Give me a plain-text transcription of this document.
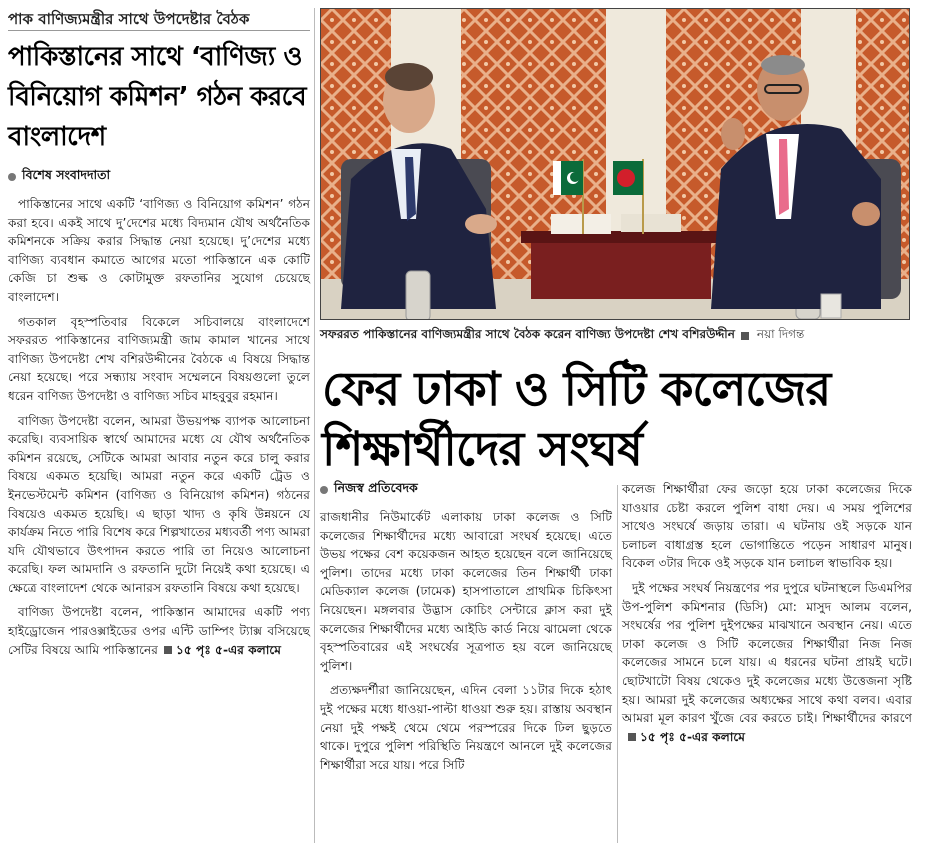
পাক বাণিজ্যমন্ত্রীর সাথে উপদেষ্টার বৈঠক
পাকিস্তানের সাথে ‘বাণিজ্য ও বিনিয়োগ কমিশন’ গঠন করবে বাংলাদেশ
বিশেষ সংবাদদাতা

পাকিস্তানের সাথে একটি ‘বাণিজ্য ও বিনিয়োগ কমিশন’ গঠন করা হবে। একই সাথে দু’দেশের মধ্যে বিদ্যমান যৌথ অর্থনৈতিক কমিশনকে সক্রিয় করার সিদ্ধান্ত নেয়া হয়েছে। দু’দেশের মধ্যে বাণিজ্য ব্যবধান কমাতে আগের মতো পাকিস্তানে এক কোটি কেজি চা শুল্ক ও কোটামুক্ত রফতানির সুযোগ চেয়েছে বাংলাদেশ।

গতকাল বৃহস্পতিবার বিকেলে সচিবালয়ে বাংলাদেশে সফররত পাকিস্তানের বাণিজ্যমন্ত্রী জাম কামাল খানের সাথে বাণিজ্য উপদেষ্টা শেখ বশিরউদ্দীনের বৈঠকে এ বিষয়ে সিদ্ধান্ত নেয়া হয়েছে। পরে সন্ধ্যায় সংবাদ সম্মেলনে বিষয়গুলো তুলে ধরেন বাণিজ্য উপদেষ্টা ও বাণিজ্য সচিব মাহবুবুর রহমান।

বাণিজ্য উপদেষ্টা বলেন, আমরা উভয়পক্ষ ব্যাপক আলোচনা করেছি। ব্যবসায়িক স্বার্থে আমাদের মধ্যে যে যৌথ অর্থনৈতিক কমিশন রয়েছে, সেটিকে আমরা আবার নতুন করে চালু করার বিষয়ে একমত হয়েছি। আমরা নতুন করে একটি ট্রেড ও ইনভেস্টমেন্ট কমিশন (বাণিজ্য ও বিনিয়োগ কমিশন) গঠনের বিষয়েও একমত হয়েছি। এ ছাড়া খাদ্য ও কৃষি উন্নয়নে যে কার্যক্রম নিতে পারি বিশেষ করে শিল্পখাতের মধ্যবর্তী পণ্য আমরা যদি যৌথভাবে উৎপাদন করতে পারি তা নিয়েও আলোচনা করেছি। ফল আমদানি ও রফতানি দুটো নিয়েই কথা হয়েছে। এ ক্ষেত্রে বাংলাদেশ থেকে আনারস রফতানি বিষয়ে কথা হয়েছে।

বাণিজ্য উপদেষ্টা বলেন, পাকিস্তান আমাদের একটি পণ্য হাইড্রোজেন পারওক্সাইডের ওপর এন্টি ডাম্পিং ট্যাক্স বসিয়েছে সেটির বিষয়ে আমি পাকিস্তানের ১৫ পৃঃ ৫-এর কলামে

সফররত পাকিস্তানের বাণিজ্যমন্ত্রীর সাথে বৈঠক করেন বাণিজ্য উপদেষ্টা শেখ বশিরউদ্দীন নয়া দিগন্ত
ফের ঢাকা ও সিটি কলেজের শিক্ষার্থীদের সংঘর্ষ
নিজস্ব প্রতিবেদক

রাজধানীর নিউমার্কেট এলাকায় ঢাকা কলেজ ও সিটি কলেজের শিক্ষার্থীদের মধ্যে আবারো সংঘর্ষ হয়েছে। এতে উভয় পক্ষের বেশ কয়েকজন আহত হয়েছেন বলে জানিয়েছে পুলিশ। তাদের মধ্যে ঢাকা কলেজের তিন শিক্ষার্থী ঢাকা মেডিক্যাল কলেজ (ঢামেক) হাসপাতালে প্রাথমিক চিকিৎসা নিয়েছেন। মঙ্গলবার উদ্ভাস কোচিং সেন্টারে ক্লাস করা দুই কলেজের শিক্ষার্থীদের মধ্যে আইডি কার্ড নিয়ে ঝামেলা থেকে বৃহস্পতিবারের এই সংঘর্ষের সূত্রপাত হয় বলে জানিয়েছে পুলিশ।

প্রত্যক্ষদর্শীরা জানিয়েছেন, এদিন বেলা ১১টার দিকে হঠাৎ দুই পক্ষের মধ্যে ধাওয়া-পাল্টা ধাওয়া শুরু হয়। রাস্তায় অবস্থান নেয়া দুই পক্ষই থেমে থেমে পরস্পরের দিকে ঢিল ছুড়তে থাকে। দুপুরে পুলিশ পরিস্থিতি নিয়ন্ত্রণে আনলে দুই কলেজের শিক্ষার্থীরা সরে যায়। পরে সিটি

কলেজ শিক্ষার্থীরা ফের জড়ো হয়ে ঢাকা কলেজের দিকে যাওয়ার চেষ্টা করলে পুলিশ বাধা দেয়। এ সময় পুলিশের সাথেও সংঘর্ষে জড়ায় তারা। এ ঘটনায় ওই সড়কে যান চলাচল বাধাগ্রস্ত হলে ভোগান্তিতে পড়েন সাধারণ মানুষ। বিকেল ৩টার দিকে ওই সড়কে যান চলাচল স্বাভাবিক হয়।

দুই পক্ষের সংঘর্ষ নিয়ন্ত্রণের পর দুপুরে ঘটনাস্থলে ডিএমপির উপ-পুলিশ কমিশনার (ডিসি) মো: মাসুদ আলম বলেন, সংঘর্ষের পর পুলিশ দুইপক্ষের মাঝখানে অবস্থান নেয়। এতে ঢাকা কলেজ ও সিটি কলেজের শিক্ষার্থীরা নিজ নিজ কলেজের সামনে চলে যায়। এ ধরনের ঘটনা প্রায়ই ঘটে। ছোটখাটো বিষয় থেকেও দুই কলেজের মধ্যে উত্তেজনা সৃষ্টি হয়। আমরা দুই কলেজের অধ্যক্ষের সাথে কথা বলব। এবার আমরা মূল কারণ খুঁজে বের করতে চাই। শিক্ষার্থীদের কারণে১৫ পৃঃ ৫-এর কলামে
